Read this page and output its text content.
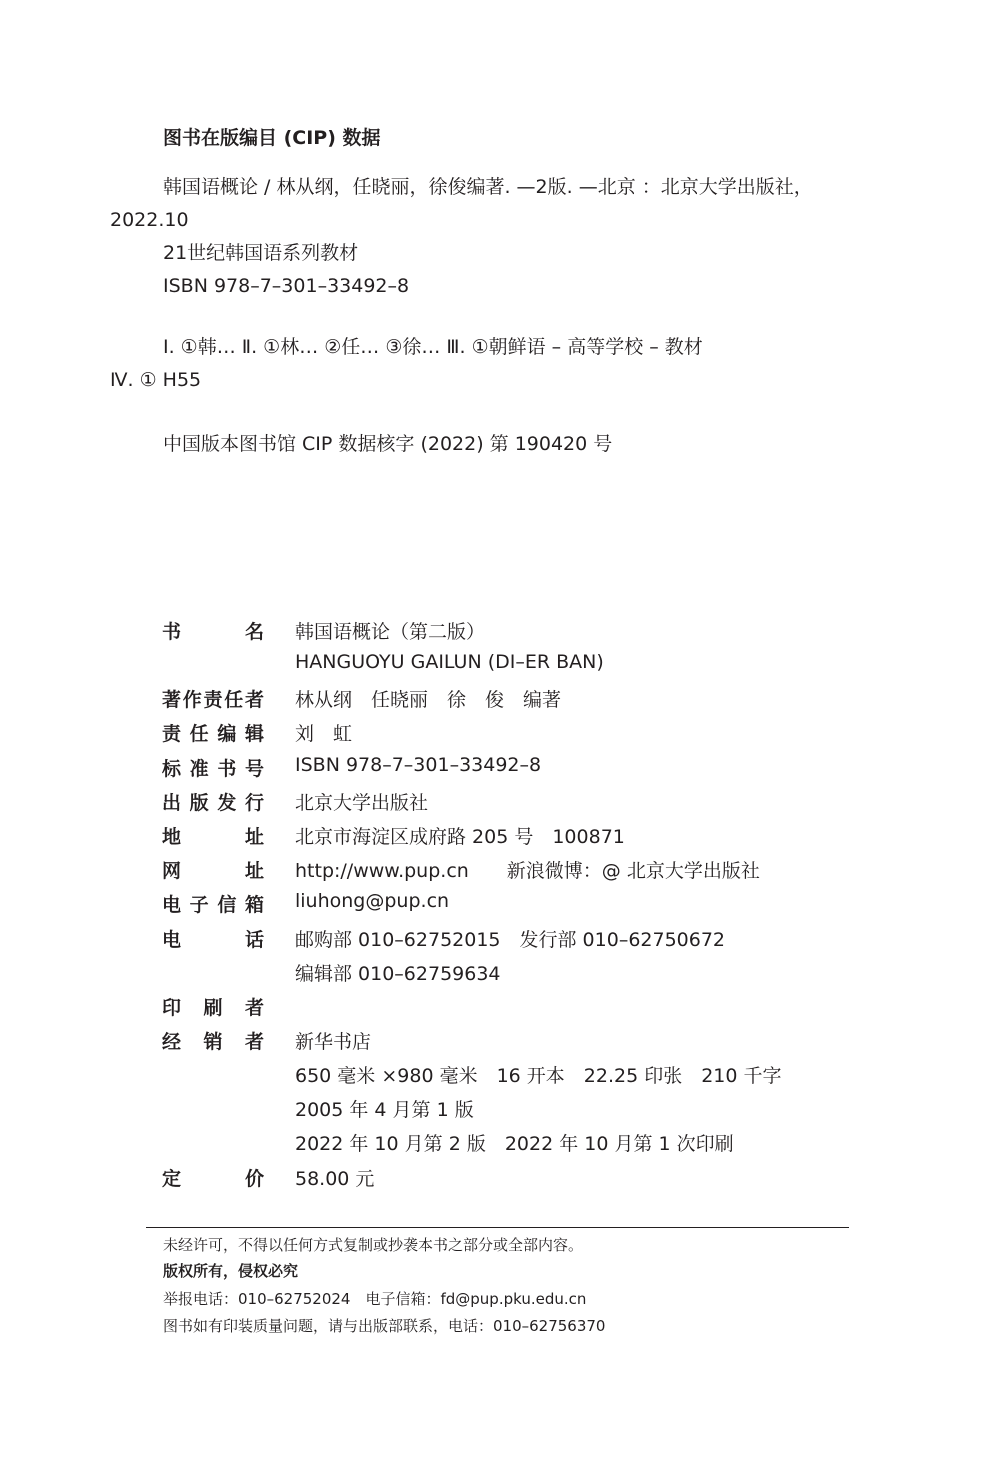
图书在版编目 (CIP) 数据
韩国语概论 / 林从纲，任晓丽，徐俊编著. —2版. —北京 ：北京大学出版社，
2022.10
21世纪韩国语系列教材
ISBN 978–7–301–33492–8
Ⅰ. ①韩… Ⅱ. ①林… ②任… ③徐… Ⅲ. ①朝鲜语 – 高等学校 – 教材
Ⅳ. ① H55
中国版本图书馆 CIP 数据核字 (2022) 第 190420 号
书　名 韩国语概论（第二版）
HANGUOYU GAILUN (DI–ER BAN)
著作责任者 林从纲　任晓丽　徐　俊　编著
责任编辑 刘　虹
标准书号 ISBN 978–7–301–33492–8
出版发行 北京大学出版社
地　址 北京市海淀区成府路 205 号　100871
网　址 http://www.pup.cn　　新浪微博：@ 北京大学出版社
电子信箱 liuhong@pup.cn
电　话 邮购部 010–62752015　发行部 010–62750672
编辑部 010–62759634
印刷者
经销者 新华书店
650 毫米 ×980 毫米　16 开本　22.25 印张　210 千字
2005 年 4 月第 1 版
2022 年 10 月第 2 版　2022 年 10 月第 1 次印刷
定　价 58.00 元
未经许可，不得以任何方式复制或抄袭本书之部分或全部内容。
版权所有，侵权必究
举报电话：010–62752024　电子信箱：fd@pup.pku.edu.cn
图书如有印装质量问题，请与出版部联系，电话：010–62756370
